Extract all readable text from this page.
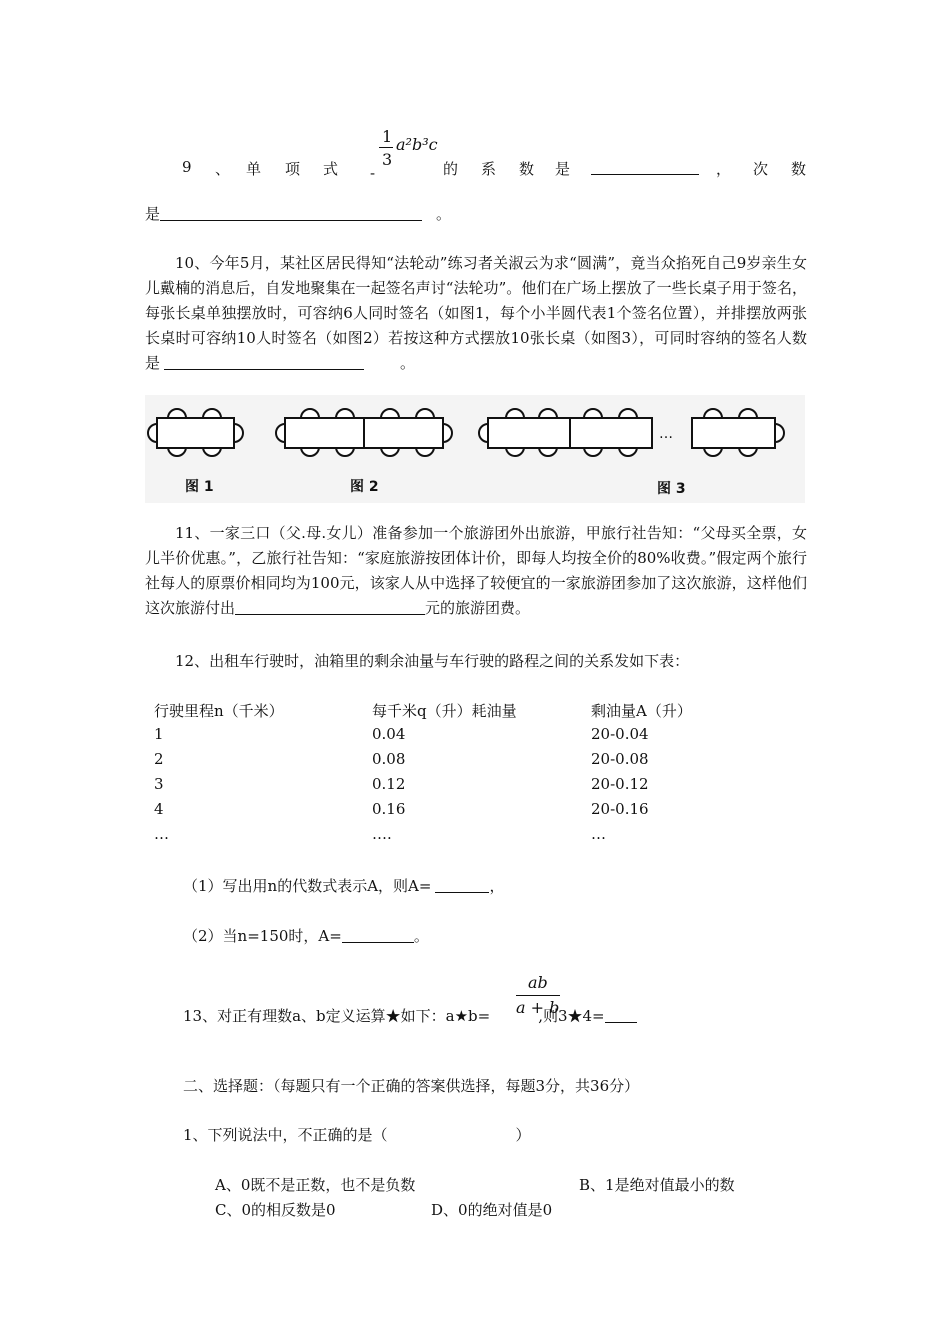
1
3
a²b³c
9 、 单 项 式 -	的 系 数 是	， 次 数
是	。
10、今年5月，某社区居民得知“法轮动”练习者关淑云为求“圆满”，竟当众掐死自己9岁亲生女儿戴楠的消息后，自发地聚集在一起签名声讨“法轮功”。他们在广场上摆放了一些长桌子用于签名，每张长桌单独摆放时，可容纳6人同时签名（如图1，每个小半圆代表1个签名位置），并排摆放两张长桌时可容纳10人时签名（如图2）若按这种方式摆放10张长桌（如图3），可同时容纳的签名人数是	。
…
图 1	图 2	图 3
11、一家三口（父.母.女儿）准备参加一个旅游团外出旅游，甲旅行社告知：“父母买全票，女儿半价优惠。”，乙旅行社告知：“家庭旅游按团体计价，即每人均按全价的80%收费。”假定两个旅行社每人的原票价相同均为100元，该家人从中选择了较便宜的一家旅游团参加了这次旅游，这样他们这次旅游付出	元的旅游团费。
12、出租车行驶时，油箱里的剩余油量与车行驶的路程之间的关系发如下表：
行驶里程n（千米）	每千米q（升）耗油量	剩油量A（升）
1	0.04	20-0.04
2	0.08	20-0.08
3	0.12	20-0.12
4	0.16	20-0.16
…	….	…
（1）写出用n的代数式表示A，则A=	，
（2）当n=150时，A=	。
ab
a + b
13、对正有理数a、b定义运算★如下：a★b=	,则3★4=
二、选择题：（每题只有一个正确的答案供选择，每题3分，共36分）
1、下列说法中，不正确的是（	）
A、0既不是正数，也不是负数	B、1是绝对值最小的数
C、0的相反数是0	D、0的绝对值是0
